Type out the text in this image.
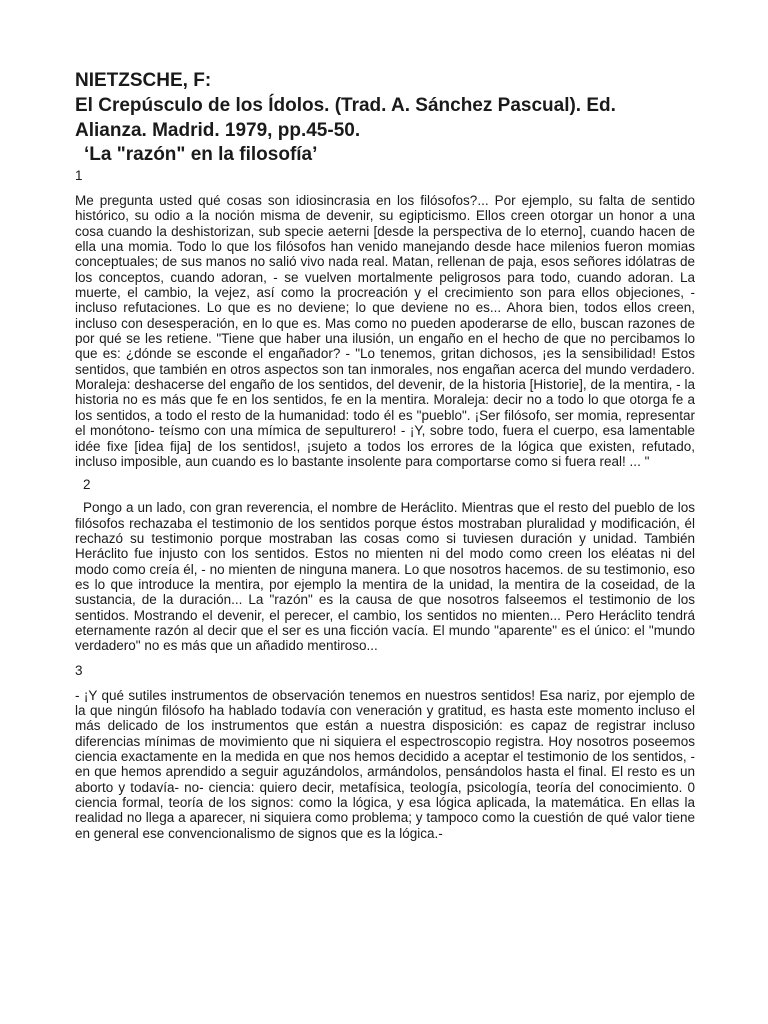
NIETZSCHE, F:

El Crepúsculo de los Ídolos. (Trad. A. Sánchez Pascual). Ed.

Alianza. Madrid. 1979, pp.45-50.

‘La "razón" en la filosofía’

1

Me pregunta usted qué cosas son idiosincrasia en los filósofos?... Por ejemplo, su falta de sentido histórico, su odio a la noción misma de devenir, su egipticismo. Ellos creen otorgar un honor a una cosa cuando la deshistorizan, sub specie aeterni [desde la perspectiva de lo eterno], cuando hacen de ella una momia. Todo lo que los filósofos han venido manejando desde hace milenios fueron momias conceptuales; de sus manos no salió vivo nada real. Matan, rellenan de paja, esos señores idólatras de los conceptos, cuando adoran, - se vuelven mortalmente peligrosos para todo, cuando adoran. La muerte, el cambio, la vejez, así como la procreación y el crecimiento son para ellos objeciones, - incluso refutaciones. Lo que es no deviene; lo que deviene no es... Ahora bien, todos ellos creen, incluso con desesperación, en lo que es. Mas como no pueden apoderarse de ello, buscan razones de por qué se les retiene. "Tiene que haber una ilusión, un engaño en el hecho de que no percibamos lo que es: ¿dónde se esconde el engañador? - "Lo tenemos, gritan dichosos, ¡es la sensibilidad! Estos sentidos, que también en otros aspectos son tan inmorales, nos engañan acerca del mundo verdadero. Moraleja: deshacerse del engaño de los sentidos, del devenir, de la historia [Historie], de la mentira, - la historia no es más que fe en los sentidos, fe en la mentira. Moraleja: decir no a todo lo que otorga fe a los sentidos, a todo el resto de la humanidad: todo él es "pueblo". ¡Ser filósofo, ser momia, representar el monótono- teísmo con una mímica de sepulturero! - ¡Y, sobre todo, fuera el cuerpo, esa lamentable idée fixe [idea fija] de los sentidos!, ¡sujeto a todos los errores de la lógica que existen, refutado, incluso imposible, aun cuando es lo bastante insolente para comportarse como si fuera real! ... "

2

Pongo a un lado, con gran reverencia, el nombre de Heráclito. Mientras que el resto del pueblo de los filósofos rechazaba el testimonio de los sentidos porque éstos mostraban pluralidad y modificación, él rechazó su testimonio porque mostraban las cosas como si tuviesen duración y unidad. También Heráclito fue injusto con los sentidos. Estos no mienten ni del modo como creen los eléatas ni del modo como creía él, - no mienten de ninguna manera. Lo que nosotros hacemos. de su testimonio, eso es lo que introduce la mentira, por ejemplo la mentira de la unidad, la mentira de la coseidad, de la sustancia, de la duración... La "razón" es la causa de que nosotros falseemos el testimonio de los sentidos. Mostrando el devenir, el perecer, el cambio, los sentidos no mienten... Pero Heráclito tendrá eternamente razón al decir que el ser es una ficción vacía. El mundo "aparente" es el único: el "mundo verdadero" no es más que un añadido mentiroso...

3

- ¡Y qué sutiles instrumentos de observación tenemos en nuestros sentidos! Esa nariz, por ejemplo de la que ningún filósofo ha hablado todavía con veneración y gratitud, es hasta este momento incluso el más delicado de los instrumentos que están a nuestra disposición: es capaz de registrar incluso diferencias mínimas de movimiento que ni siquiera el espectroscopio registra. Hoy nosotros poseemos ciencia exactamente en la medida en que nos hemos decidido a aceptar el testimonio de los sentidos, - en que hemos aprendido a seguir aguzándolos, armándolos, pensándolos hasta el final. El resto es un aborto y todavía- no- ciencia: quiero decir, metafísica, teología, psicología, teoría del conocimiento. 0 ciencia formal, teoría de los signos: como la lógica, y esa lógica aplicada, la matemática. En ellas la realidad no llega a aparecer, ni siquiera como problema; y tampoco como la cuestión de qué valor tiene en general ese convencionalismo de signos que es la lógica.-
